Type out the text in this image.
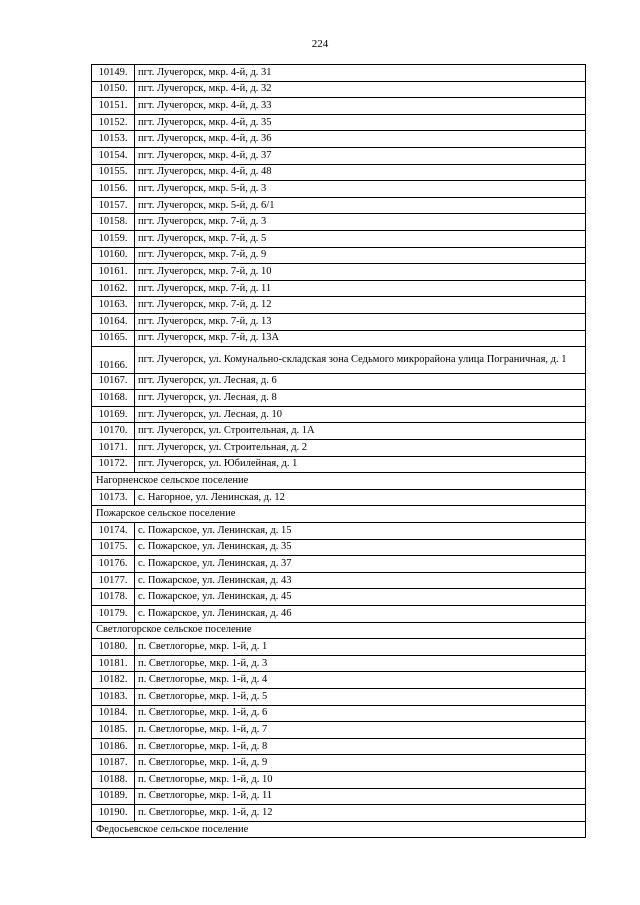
224
10149.	пгт. Лучегорск, мкр. 4-й, д. 31
10150.	пгт. Лучегорск, мкр. 4-й, д. 32
10151.	пгт. Лучегорск, мкр. 4-й, д. 33
10152.	пгт. Лучегорск, мкр. 4-й, д. 35
10153.	пгт. Лучегорск, мкр. 4-й, д. 36
10154.	пгт. Лучегорск, мкр. 4-й, д. 37
10155.	пгт. Лучегорск, мкр. 4-й, д. 48
10156.	пгт. Лучегорск, мкр. 5-й, д. 3
10157.	пгт. Лучегорск, мкр. 5-й, д. 6/1
10158.	пгт. Лучегорск, мкр. 7-й, д. 3
10159.	пгт. Лучегорск, мкр. 7-й, д. 5
10160.	пгт. Лучегорск, мкр. 7-й, д. 9
10161.	пгт. Лучегорск, мкр. 7-й, д. 10
10162.	пгт. Лучегорск, мкр. 7-й, д. 11
10163.	пгт. Лучегорск, мкр. 7-й, д. 12
10164.	пгт. Лучегорск, мкр. 7-й, д. 13
10165.	пгт. Лучегорск, мкр. 7-й, д. 13А
10166.	пгт. Лучегорск, ул. Комунально-складская зона Седьмого микрорайона улица Пограничная, д. 1
10167.	пгт. Лучегорск, ул. Лесная, д. 6
10168.	пгт. Лучегорск, ул. Лесная, д. 8
10169.	пгт. Лучегорск, ул. Лесная, д. 10
10170.	пгт. Лучегорск, ул. Строительная, д. 1А
10171.	пгт. Лучегорск, ул. Строительная, д. 2
10172.	пгт. Лучегорск, ул. Юбилейная, д. 1
Нагорненское сельское поселение	
10173.	с. Нагорное, ул. Ленинская, д. 12
Пожарское сельское поселение	
10174.	с. Пожарское, ул. Ленинская, д. 15
10175.	с. Пожарское, ул. Ленинская, д. 35
10176.	с. Пожарское, ул. Ленинская, д. 37
10177.	с. Пожарское, ул. Ленинская, д. 43
10178.	с. Пожарское, ул. Ленинская, д. 45
10179.	с. Пожарское, ул. Ленинская, д. 46
Светлогорское сельское поселение	
10180.	п. Светлогорье, мкр. 1-й, д. 1
10181.	п. Светлогорье, мкр. 1-й, д. 3
10182.	п. Светлогорье, мкр. 1-й, д. 4
10183.	п. Светлогорье, мкр. 1-й, д. 5
10184.	п. Светлогорье, мкр. 1-й, д. 6
10185.	п. Светлогорье, мкр. 1-й, д. 7
10186.	п. Светлогорье, мкр. 1-й, д. 8
10187.	п. Светлогорье, мкр. 1-й, д. 9
10188.	п. Светлогорье, мкр. 1-й, д. 10
10189.	п. Светлогорье, мкр. 1-й, д. 11
10190.	п. Светлогорье, мкр. 1-й, д. 12
Федосьевское сельское поселение	
